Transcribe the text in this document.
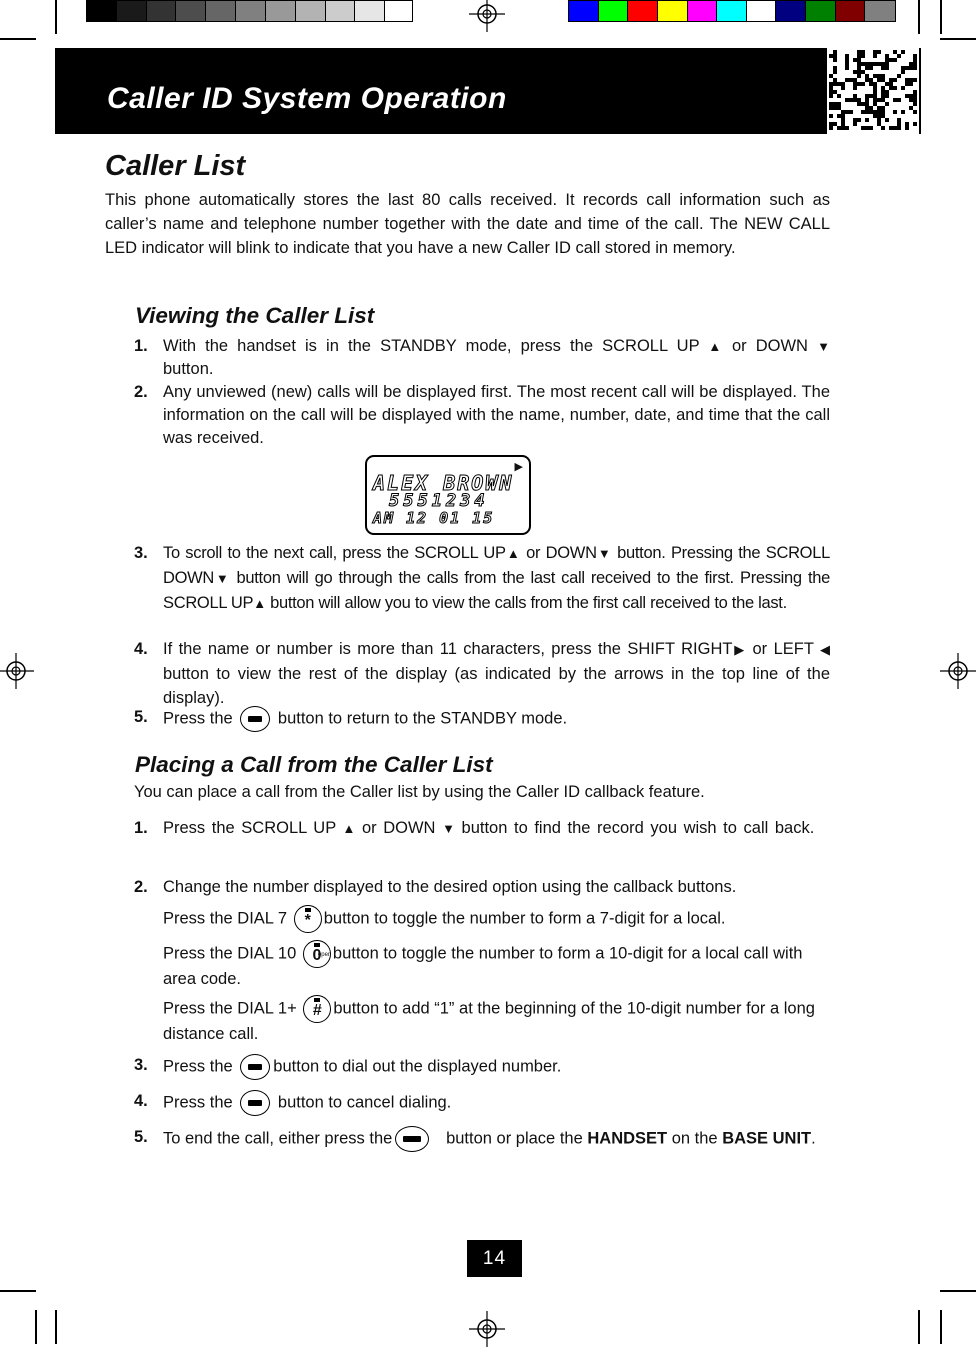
Caller ID System Operation
Caller List

This phone automatically stores the last 80 calls received. It records call information such as caller’s name and telephone number together with the date and time of the call. The NEW CALL LED indicator will blink to indicate that you have a new Caller ID call stored in memory.

Viewing the Caller List
1. With the handset is in the STANDBY mode, press the SCROLL UP ▲ or DOWN ▼ button.
2. Any unviewed (new) calls will be displayed first. The most recent call will be displayed. The information on the call will be displayed with the name, number, date, and time that the call was received.
▶
ALEX BROWN
5551234
AM 12 01 15
3. To scroll to the next call, press the SCROLL UP▲ or DOWN▼ button. Pressing the SCROLL DOWN▼ button will go through the calls from the last call received to the first. Pressing the SCROLL UP▲ button will allow you to view the calls from the first call received to the last.
4. If the name or number is more than 11 characters, press the SHIFT RIGHT▶ or LEFT ◀ button to view the rest of the display (as indicated by the arrows in the top line of the display).
5. Press the	button to return to the STANDBY mode.
Placing a Call from the Caller List
You can place a call from the Caller list by using the Caller ID callback feature.
1. Press the SCROLL UP ▲ or DOWN ▼ button to find the record you wish to call back.
2. Change the number displayed to the desired option using the callback buttons.
Press the DIAL 7 * button to toggle the number to form a 7-digit for a local.
Press the DIAL 10 0
oper button to toggle the number to form a 10-digit for a local call with area code.
Press the DIAL 1+ # button to add “1” at the beginning of the 10-digit number for a long distance call.
3. Press the button to dial out the displayed number.
4. Press the	button to cancel dialing.
5. To end the call, either press the	button or place the HANDSET on the BASE UNIT.
14
